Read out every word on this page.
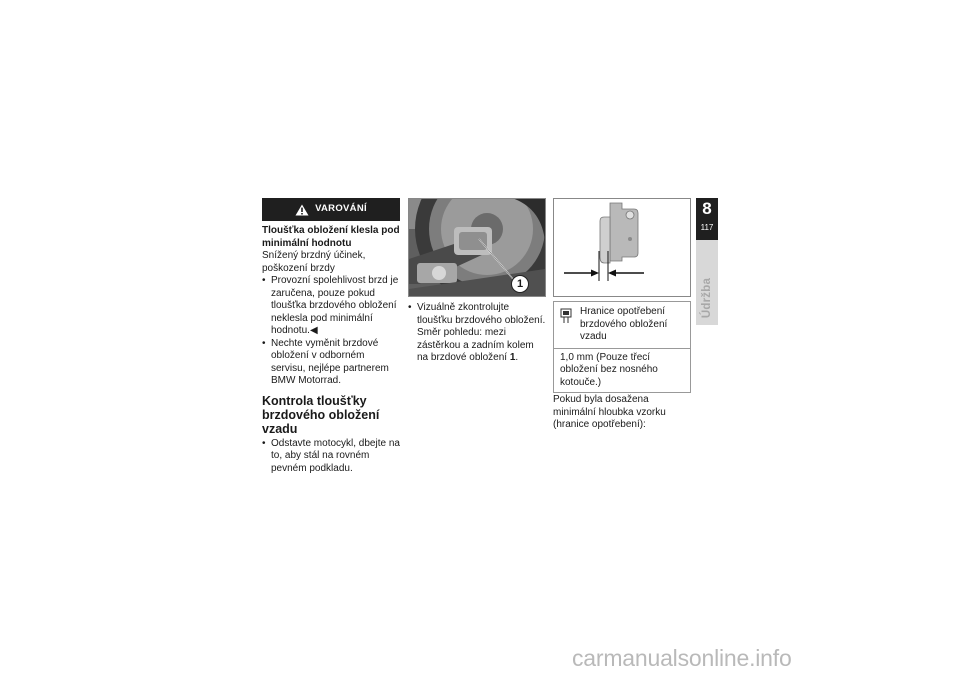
VAROVÁNÍ
Tloušťka obložení klesla pod minimální hodnotu
Snížený brzdný účinek, poškození brzdy
• Provozní spolehlivost brzd je zaručena, pouze pokud tloušťka brzdového obložení neklesla pod minimální hodnotu.◀
• Nechte vyměnit brzdové obložení v odborném servisu, nejlépe partnerem BMW Motorrad.
Kontrola tloušťky brzdového obložení vzadu
• Odstavte motocykl, dbejte na to, aby stál na rovném pevném podkladu.
1
• Vizuálně zkontrolujte tloušťku brzdového obložení. Směr pohledu: mezi zástěrkou a zadním kolem na brzdové obložení 1.
Hranice opotřebení brzdového obložení vzadu
1,0 mm (Pouze třecí obložení bez nosného kotouče.)
Pokud byla dosažena minimální hloubka vzorku (hranice opotřebení):
8
117
Údržba
carmanualsonline.info
